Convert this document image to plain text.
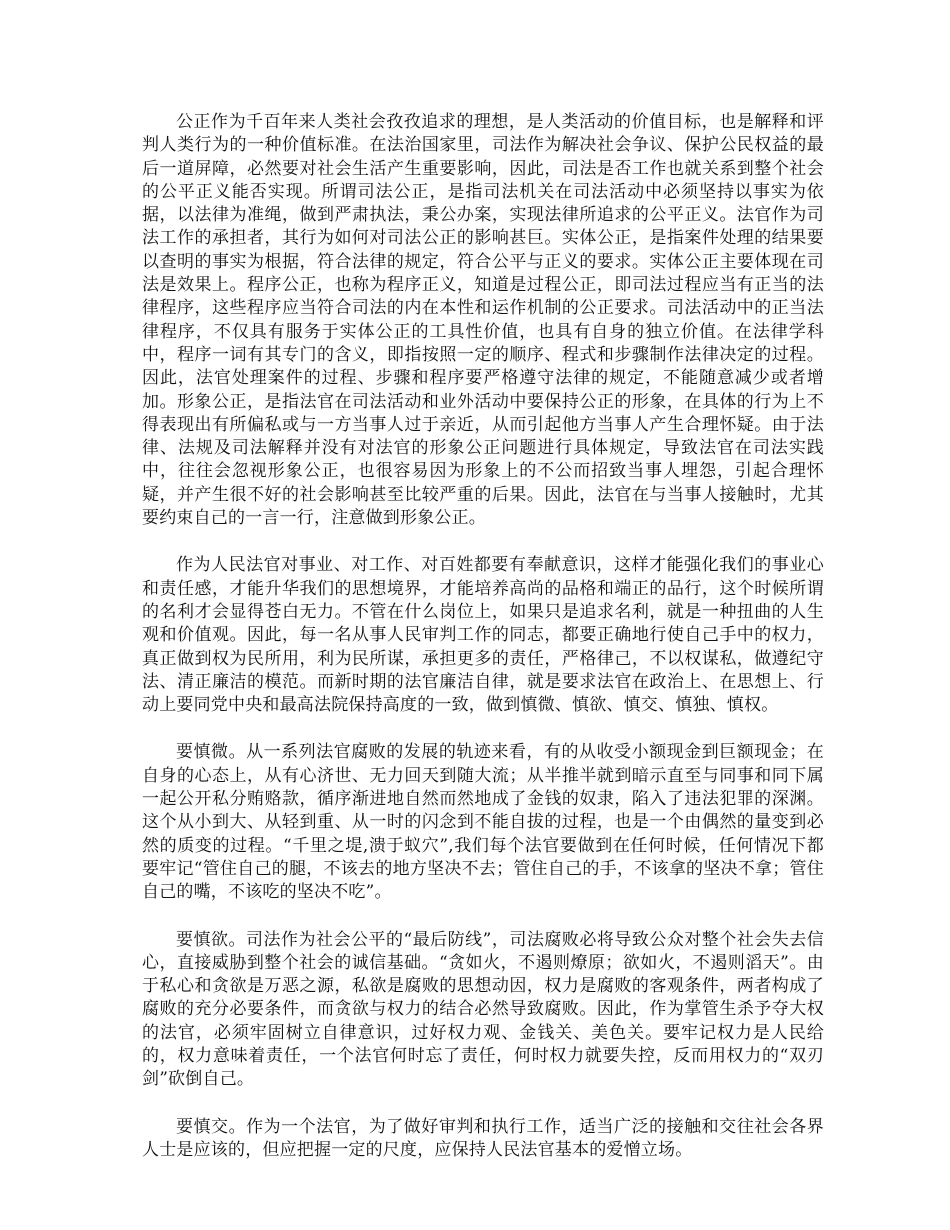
公正作为千百年来人类社会孜孜追求的理想，是人类活动的价值目标，也是解释和评判人类行为的一种价值标准。在法治国家里，司法作为解决社会争议、保护公民权益的最后一道屏障，必然要对社会生活产生重要影响，因此，司法是否工作也就关系到整个社会的公平正义能否实现。所谓司法公正，是指司法机关在司法活动中必须坚持以事实为依据，以法律为准绳，做到严肃执法，秉公办案，实现法律所追求的公平正义。法官作为司法工作的承担者，其行为如何对司法公正的影响甚巨。实体公正，是指案件处理的结果要以查明的事实为根据，符合法律的规定，符合公平与正义的要求。实体公正主要体现在司法是效果上。程序公正，也称为程序正义，知道是过程公正，即司法过程应当有正当的法律程序，这些程序应当符合司法的内在本性和运作机制的公正要求。司法活动中的正当法律程序，不仅具有服务于实体公正的工具性价值，也具有自身的独立价值。在法律学科中，程序一词有其专门的含义，即指按照一定的顺序、程式和步骤制作法律决定的过程。因此，法官处理案件的过程、步骤和程序要严格遵守法律的规定，不能随意减少或者增加。形象公正，是指法官在司法活动和业外活动中要保持公正的形象，在具体的行为上不得表现出有所偏私或与一方当事人过于亲近，从而引起他方当事人产生合理怀疑。由于法律、法规及司法解释并没有对法官的形象公正问题进行具体规定，导致法官在司法实践中，往往会忽视形象公正，也很容易因为形象上的不公而招致当事人埋怨，引起合理怀疑，并产生很不好的社会影响甚至比较严重的后果。因此，法官在与当事人接触时，尤其要约束自己的一言一行，注意做到形象公正。

作为人民法官对事业、对工作、对百姓都要有奉献意识，这样才能强化我们的事业心和责任感，才能升华我们的思想境界，才能培养高尚的品格和端正的品行，这个时候所谓的名利才会显得苍白无力。不管在什么岗位上，如果只是追求名利，就是一种扭曲的人生观和价值观。因此，每一名从事人民审判工作的同志，都要正确地行使自己手中的权力，真正做到权为民所用，利为民所谋，承担更多的责任，严格律己，不以权谋私，做遵纪守法、清正廉洁的模范。而新时期的法官廉洁自律，就是要求法官在政治上、在思想上、行动上要同党中央和最高法院保持高度的一致，做到慎微、慎欲、慎交、慎独、慎权。

要慎微。从一系列法官腐败的发展的轨迹来看，有的从收受小额现金到巨额现金；在自身的心态上，从有心济世、无力回天到随大流；从半推半就到暗示直至与同事和同下属一起公开私分贿赂款，循序渐进地自然而然地成了金钱的奴隶，陷入了违法犯罪的深渊。这个从小到大、从轻到重、从一时的闪念到不能自拔的过程，也是一个由偶然的量变到必然的质变的过程。“千里之堤,溃于蚁穴”,我们每个法官要做到在任何时候，任何情况下都要牢记“管住自己的腿，不该去的地方坚决不去；管住自己的手，不该拿的坚决不拿；管住自己的嘴，不该吃的坚决不吃”。

要慎欲。司法作为社会公平的“最后防线”，司法腐败必将导致公众对整个社会失去信心，直接威胁到整个社会的诚信基础。“贪如火，不遏则燎原；欲如火，不遏则滔天”。由于私心和贪欲是万恶之源，私欲是腐败的思想动因，权力是腐败的客观条件，两者构成了腐败的充分必要条件，而贪欲与权力的结合必然导致腐败。因此，作为掌管生杀予夺大权的法官，必须牢固树立自律意识，过好权力观、金钱关、美色关。要牢记权力是人民给的，权力意味着责任，一个法官何时忘了责任，何时权力就要失控，反而用权力的“双刃剑”砍倒自己。

要慎交。作为一个法官，为了做好审判和执行工作，适当广泛的接触和交往社会各界人士是应该的，但应把握一定的尺度，应保持人民法官基本的爱憎立场。
